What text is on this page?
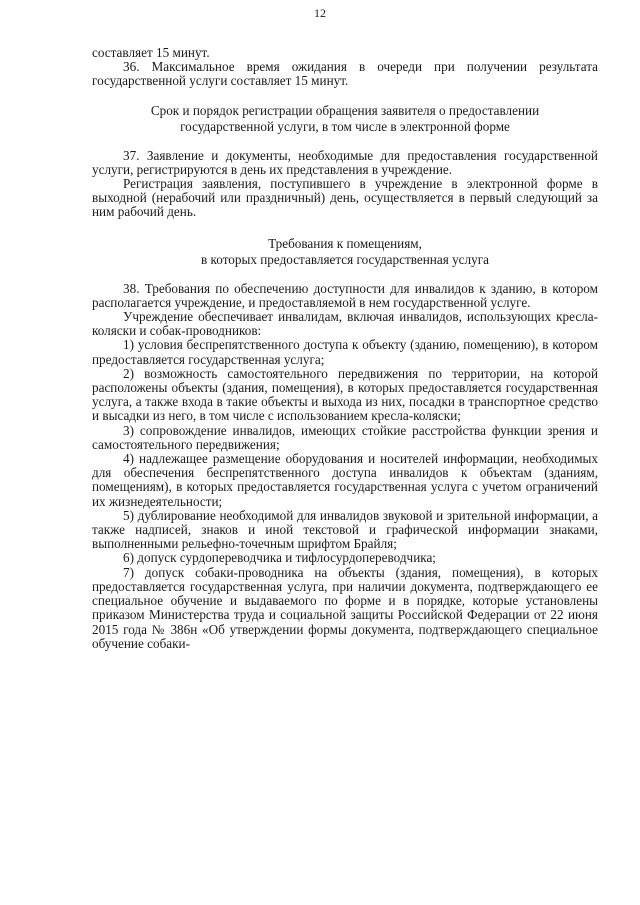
12

составляет 15 минут.

36. Максимальное время ожидания в очереди при получении результата государственной услуги составляет 15 минут.

Срок и порядок регистрации обращения заявителя о предоставлении

государственной услуги, в том числе в электронной форме

37. Заявление и документы, необходимые для предоставления государственной услуги, регистрируются в день их представления в учреждение.

Регистрация заявления, поступившего в учреждение в электронной форме в выходной (нерабочий или праздничный) день, осуществляется в первый следующий за ним рабочий день.

Требования к помещениям,

в которых предоставляется государственная услуга

38. Требования по обеспечению доступности для инвалидов к зданию, в котором располагается учреждение, и предоставляемой в нем государственной услуге.

Учреждение обеспечивает инвалидам, включая инвалидов, использующих кресла-коляски и собак-проводников:

1) условия беспрепятственного доступа к объекту (зданию, помещению), в котором предоставляется государственная услуга;

2) возможность самостоятельного передвижения по территории, на которой расположены объекты (здания, помещения), в которых предоставляется государственная услуга, а также входа в такие объекты и выхода из них, посадки в транспортное средство и высадки из него, в том числе с использованием кресла-коляски;

3) сопровождение инвалидов, имеющих стойкие расстройства функции зрения и самостоятельного передвижения;

4) надлежащее размещение оборудования и носителей информации, необходимых для обеспечения беспрепятственного доступа инвалидов к объектам (зданиям, помещениям), в которых предоставляется государственная услуга с учетом ограничений их жизнедеятельности;

5) дублирование необходимой для инвалидов звуковой и зрительной информации, а также надписей, знаков и иной текстовой и графической информации знаками, выполненными рельефно-точечным шрифтом Брайля;

6) допуск сурдопереводчика и тифлосурдопереводчика;

7) допуск собаки-проводника на объекты (здания, помещения), в которых предоставляется государственная услуга, при наличии документа, подтверждающего ее специальное обучение и выдаваемого по форме и в порядке, которые установлены приказом Министерства труда и социальной защиты Российской Федерации от 22 июня 2015 года № 386н «Об утверждении формы документа, подтверждающего специальное обучение собаки-
